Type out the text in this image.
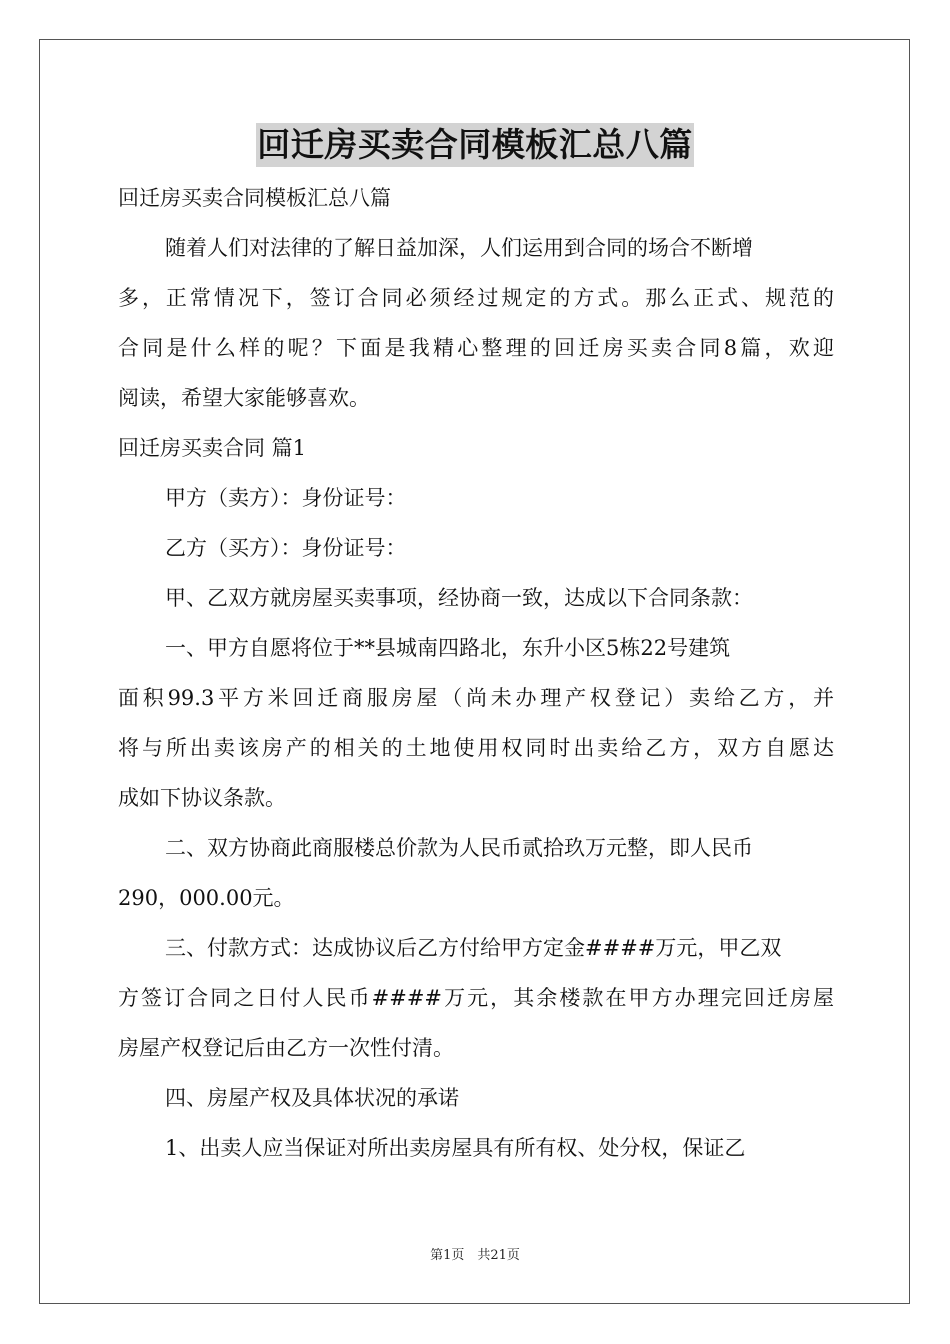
回迁房买卖合同模板汇总八篇
回迁房买卖合同模板汇总八篇
随着人们对法律的了解日益加深，人们运用到合同的场合不断增
多，正常情况下，签订合同必须经过规定的方式。那么正式、规范的
合同是什么样的呢？下面是我精心整理的回迁房买卖合同8篇，欢迎
阅读，希望大家能够喜欢。
回迁房买卖合同 篇1
甲方（卖方）：身份证号：
乙方（买方）：身份证号：
甲、乙双方就房屋买卖事项，经协商一致，达成以下合同条款：
一、甲方自愿将位于**县城南四路北，东升小区5栋22号建筑
面积99.3平方米回迁商服房屋（尚未办理产权登记）卖给乙方，并
将与所出卖该房产的相关的土地使用权同时出卖给乙方，双方自愿达
成如下协议条款。
二、双方协商此商服楼总价款为人民币贰拾玖万元整，即人民币
290，000.00元。
三、付款方式：达成协议后乙方付给甲方定金####万元，甲乙双
方签订合同之日付人民币####万元，其余楼款在甲方办理完回迁房屋
房屋产权登记后由乙方一次性付清。
四、房屋产权及具体状况的承诺
1、出卖人应当保证对所出卖房屋具有所有权、处分权，保证乙
第1页　共21页
